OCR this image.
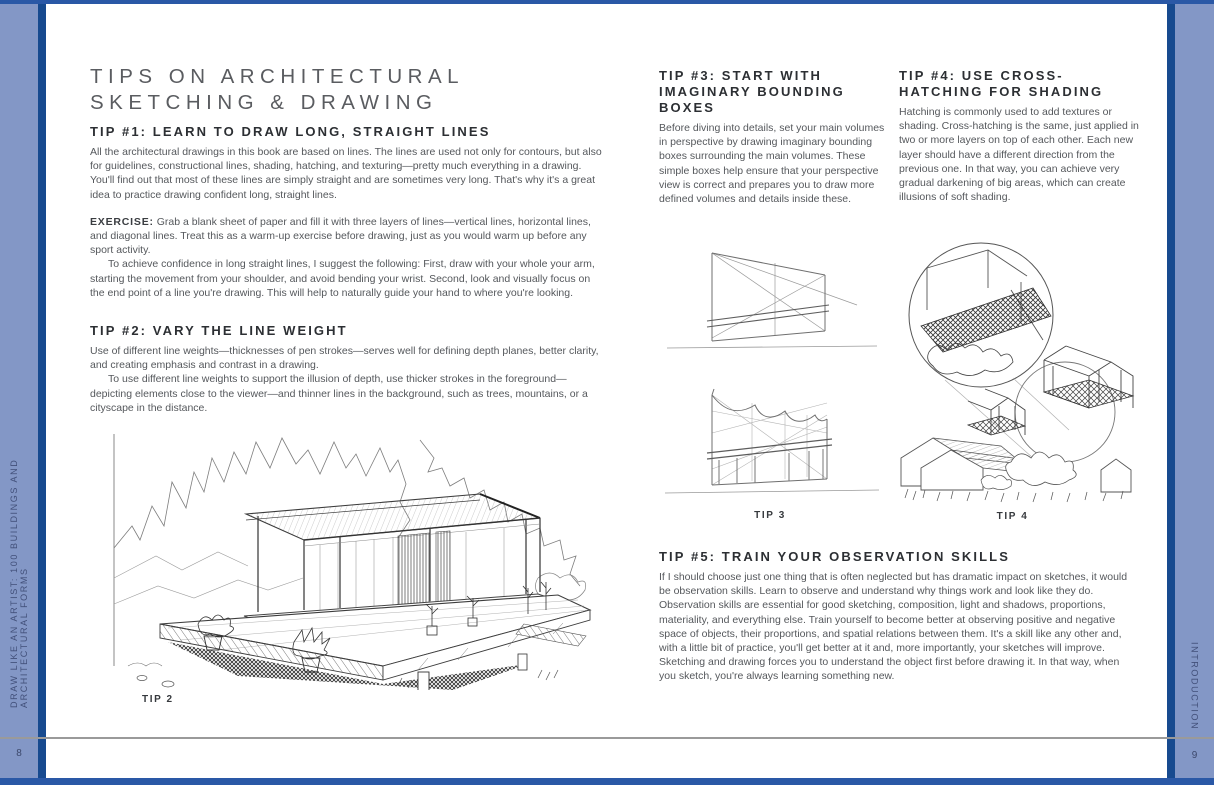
DRAW LIKE AN ARTIST: 100 BUILDINGS AND ARCHITECTURAL FORMS	INTRODUCTION
8	9
TIPS ON ARCHITECTURAL
SKETCHING & DRAWING
TIP #1: LEARN TO DRAW LONG, STRAIGHT LINES

All the architectural drawings in this book are based on lines. The lines are used not only for contours, but also for guidelines, constructional lines, shading, hatching, and texturing—pretty much everything in a drawing. You'll find out that most of these lines are simply straight and are sometimes very long. That's why it's a great idea to practice drawing confident long, straight lines.

EXERCISE: Grab a blank sheet of paper and fill it with three layers of lines—vertical lines, horizontal lines, and diagonal lines. Treat this as a warm-up exercise before drawing, just as you would warm up before any sport activity.

To achieve confidence in long straight lines, I suggest the following: First, draw with your whole your arm, starting the movement from your shoulder, and avoid bending your wrist. Second, look and visually focus on the end point of a line you're drawing. This will help to naturally guide your hand to where you're looking.

TIP #2: VARY THE LINE WEIGHT

Use of different line weights—thicknesses of pen strokes—serves well for defining depth planes, better clarity, and creating emphasis and contrast in a drawing.

To use different line weights to support the illusion of depth, use thicker strokes in the foreground—depicting elements close to the viewer—and thinner lines in the background, such as trees, mountains, or a cityscape in the distance.

TIP 2
TIP #3: START WITH IMAGINARY BOUNDING BOXES

Before diving into details, set your main volumes in perspective by drawing imaginary bounding boxes surrounding the main volumes. These simple boxes help ensure that your perspective view is correct and prepares you to draw more defined volumes and details inside these.

TIP #4: USE CROSS-HATCHING FOR SHADING

Hatching is commonly used to add textures or shading. Cross-hatching is the same, just applied in two or more layers on top of each other. Each new layer should have a different direction from the previous one. In that way, you can achieve very gradual darkening of big areas, which can create illusions of soft shading.

TIP 3	TIP 4
TIP #5: TRAIN YOUR OBSERVATION SKILLS

If I should choose just one thing that is often neglected but has dramatic impact on sketches, it would be observation skills. Learn to observe and understand why things work and look like they do. Observation skills are essential for good sketching, composition, light and shadows, proportions, materiality, and everything else. Train yourself to become better at observing positive and negative space of objects, their proportions, and spatial relations between them. It's a skill like any other and, with a little bit of practice, you'll get better at it and, more importantly, your sketches will improve. Sketching and drawing forces you to understand the object first before drawing it. In that way, when you sketch, you're always learning something new.
